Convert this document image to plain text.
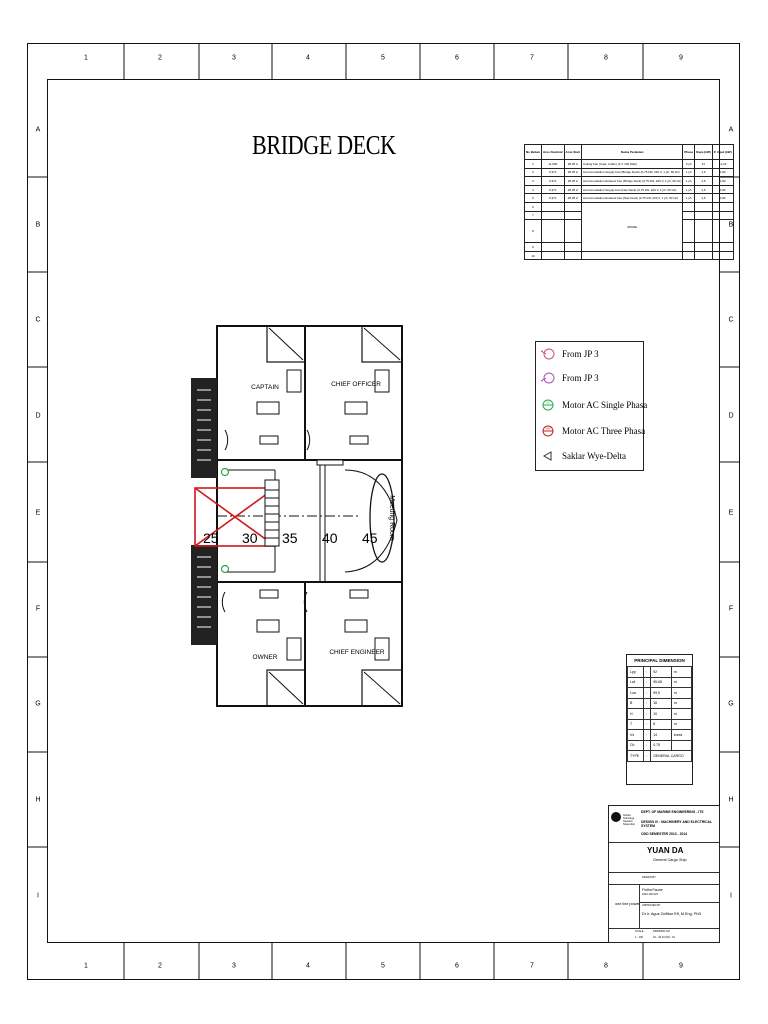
1	2	3	4	5	6	7	8	9
1	2	3	4	5	6	7	8	9
A
B
C
D
E
F
G
H
I
A
B
C
D
E
F
G
H
I
BRIDGE DECK	No Beban	Arus Nominal	Arus Start	Nama Peralatan	Phase	Daya (kW)	P. input (kW)
1	11,000	28,35 A	Ceiling Fan (Capt. Cabin) (2 X 100 Watt)	3 ph	11	12,22
2	0,371	28,35 A	Accommodation Supply Fan (Bridge Deck) (0,75 kW, 220 V, 1 ph, 60 Hz)	1 ph	1,5	1,82
3	0,371	28,35 A	Accommodation Exhaust Fan (Bridge Deck) (0,75 kW, 220 V, 1 ph, 60 Hz)	1 ph	1,5	1,82
4	0,371	28,35 A	Accommodation Supply Fan (Nav Deck) (0,75 kW, 220 V, 1 ph, 60 Hz)	1 ph	1,5	1,82
5	0,371	28,35 A	Accommodation Exhaust Fan (Nav Deck) (0,75 kW, 220 V, 1 ph, 60 Hz)	1 ph	1,5	1,82
6			SPARE			
7						
8						
9						
10						
From JP 3
From JP 3
M Motor AC Single Phasa
3M Motor AC Three Phasa
Saklar Wye-Delta
CAPTAIN	CHIEF OFFICER
OWNER
CHIEF ENGINEER
Meeting Room
25 30 35 40 45
PRINCIPAL DIMENSION
Lpp	:	92	m
Lwl	:	95,68	m
Loa	:	99,5	m
B	:	16	m
H	:	10	m
T	:	8	m
Vs	:	14	knots
Cb	:	0,75	
TYPE	:	GENERAL CARGO	
Institut Teknologi Sepuluh Nopember
DEPT. OF MARINE ENGINEERING - ITS
DESIGN IV : MACHINERY AND ELECTRICAL SYSTEM
ODD SEMESTER 2013 - 2014
YUAN DA
General Cargo Ship
one line power
DRAWN BY
Firdha Fauzie
4210 100 023
APPROVED BY
Dr.Ir. Agus Zulfikar Eff, M.Eng, PhD
SCALE
1 : 100
DRAWING NO
01 - 42 10 023 - 01
